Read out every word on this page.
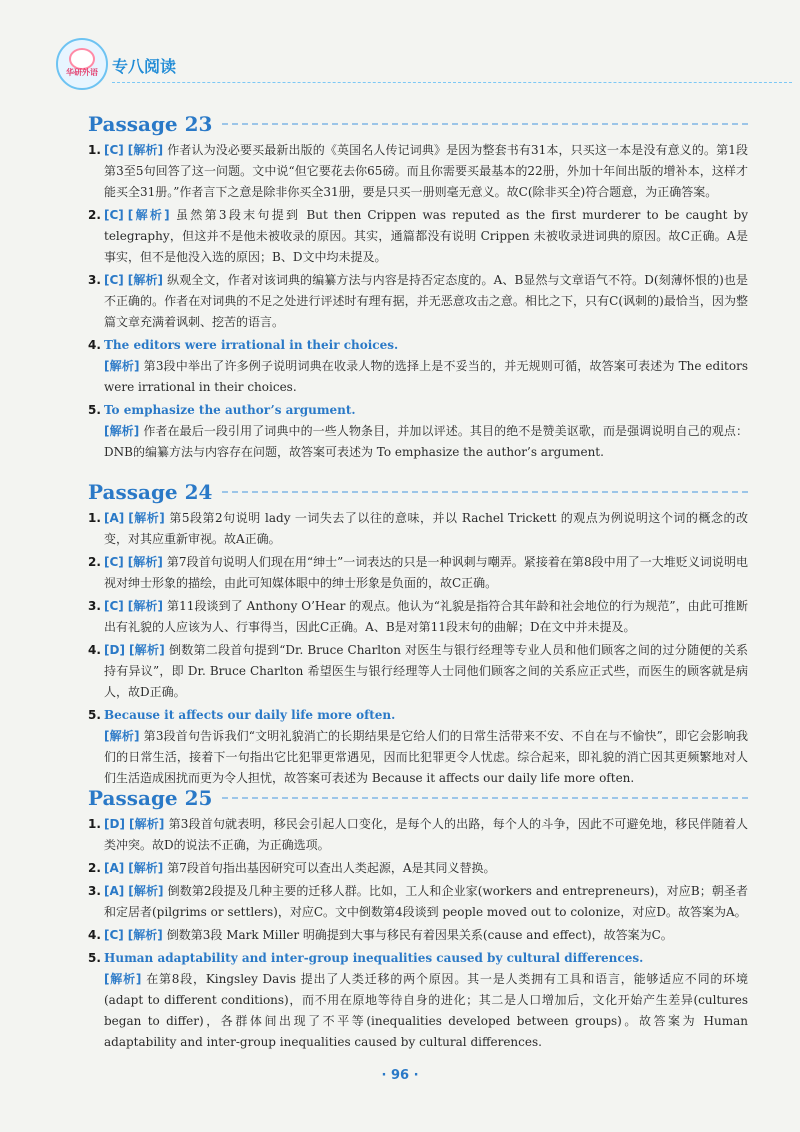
华研外语 专八阅读
Passage 23
1. [C] [解析] 作者认为没必要买最新出版的《英国名人传记词典》是因为整套书有31本，只买这一本是没有意义的。第1段第3至5句回答了这一问题。文中说“但它要花去你65磅。而且你需要买最基本的22册，外加十年间出版的增补本，这样才能买全31册。”作者言下之意是除非你买全31册，要是只买一册则毫无意义。故C(除非买全)符合题意，为正确答案。
2. [C] [解析] 虽然第3段末句提到 But then Crippen was reputed as the first murderer to be caught by telegraphy，但这并不是他未被收录的原因。其实，通篇都没有说明 Crippen 未被收录进词典的原因。故C正确。A是事实，但不是他没入选的原因；B、D文中均未提及。
3. [C] [解析] 纵观全文，作者对该词典的编纂方法与内容是持否定态度的。A、B显然与文章语气不符。D(刻薄怀恨的)也是不正确的。作者在对词典的不足之处进行评述时有理有据，并无恶意攻击之意。相比之下，只有C(讽刺的)最恰当，因为整篇文章充满着讽刺、挖苦的语言。
4. The editors were irrational in their choices.
[解析] 第3段中举出了许多例子说明词典在收录人物的选择上是不妥当的，并无规则可循，故答案可表述为 The editors were irrational in their choices.
5. To emphasize the author’s argument.
[解析] 作者在最后一段引用了词典中的一些人物条目，并加以评述。其目的绝不是赞美讴歌，而是强调说明自己的观点：DNB的编纂方法与内容存在问题，故答案可表述为 To emphasize the author’s argument.
Passage 24
1. [A] [解析] 第5段第2句说明 lady 一词失去了以往的意味，并以 Rachel Trickett 的观点为例说明这个词的概念的改变，对其应重新审视。故A正确。
2. [C] [解析] 第7段首句说明人们现在用“绅士”一词表达的只是一种讽刺与嘲弄。紧接着在第8段中用了一大堆贬义词说明电视对绅士形象的描绘，由此可知媒体眼中的绅士形象是负面的，故C正确。
3. [C] [解析] 第11段谈到了 Anthony O’Hear 的观点。他认为“礼貌是指符合其年龄和社会地位的行为规范”，由此可推断出有礼貌的人应该为人、行事得当，因此C正确。A、B是对第11段末句的曲解；D在文中并未提及。
4. [D] [解析] 倒数第二段首句提到“Dr. Bruce Charlton 对医生与银行经理等专业人员和他们顾客之间的过分随便的关系持有异议”，即 Dr. Bruce Charlton 希望医生与银行经理等人士同他们顾客之间的关系应正式些，而医生的顾客就是病人，故D正确。
5. Because it affects our daily life more often.
[解析] 第3段首句告诉我们“文明礼貌消亡的长期结果是它给人们的日常生活带来不安、不自在与不愉快”，即它会影响我们的日常生活，接着下一句指出它比犯罪更常遇见，因而比犯罪更令人忧虑。综合起来，即礼貌的消亡因其更频繁地对人们生活造成困扰而更为令人担忧，故答案可表述为 Because it affects our daily life more often.
Passage 25
1. [D] [解析] 第3段首句就表明，移民会引起人口变化，是每个人的出路，每个人的斗争，因此不可避免地，移民伴随着人类冲突。故D的说法不正确，为正确选项。
2. [A] [解析] 第7段首句指出基因研究可以查出人类起源，A是其同义替换。
3. [A] [解析] 倒数第2段提及几种主要的迁移人群。比如，工人和企业家(workers and entrepreneurs)，对应B；朝圣者和定居者(pilgrims or settlers)，对应C。文中倒数第4段谈到 people moved out to colonize，对应D。故答案为A。
4. [C] [解析] 倒数第3段 Mark Miller 明确提到大事与移民有着因果关系(cause and effect)，故答案为C。
5. Human adaptability and inter-group inequalities caused by cultural differences.
[解析] 在第8段，Kingsley Davis 提出了人类迁移的两个原因。其一是人类拥有工具和语言，能够适应不同的环境(adapt to different conditions)，而不用在原地等待自身的进化；其二是人口增加后，文化开始产生差异(cultures began to differ)，各群体间出现了不平等(inequalities developed between groups)。故答案为 Human adaptability and inter-group inequalities caused by cultural differences.
· 96 ·
